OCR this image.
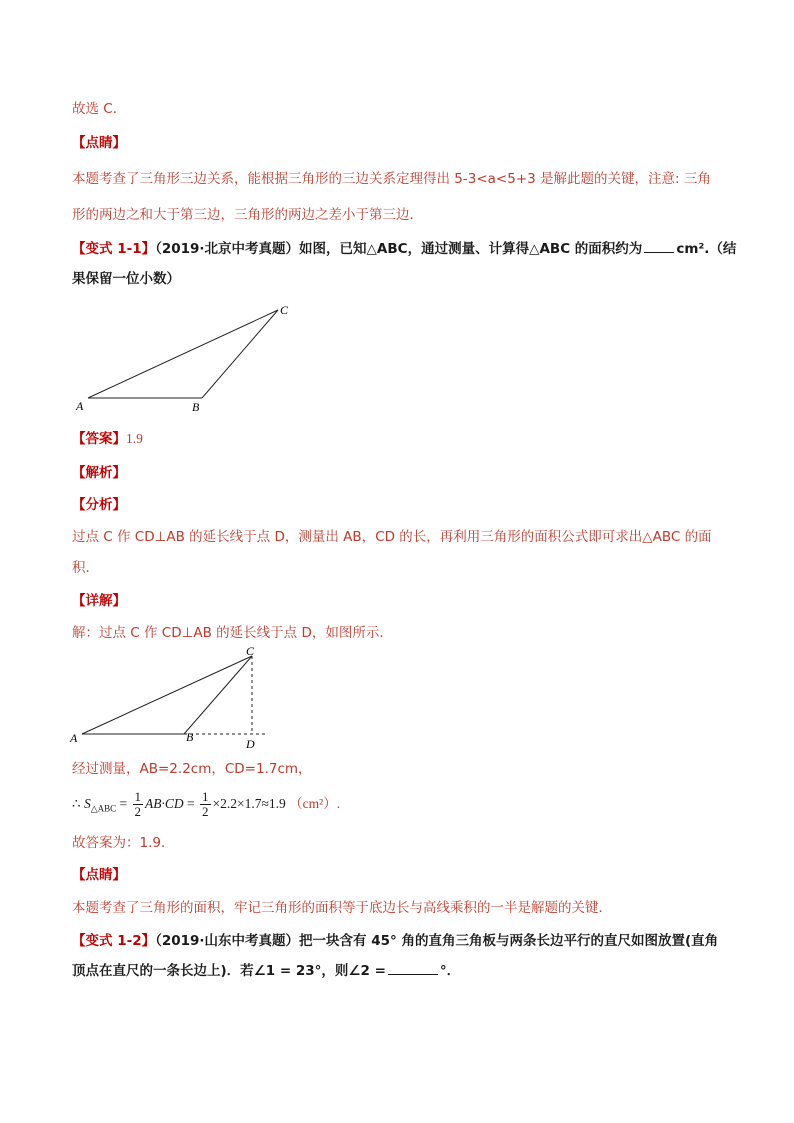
故选 C．
【点睛】
本题考查了三角形三边关系，能根据三角形的三边关系定理得出 5-3<a<5+3 是解此题的关键，注意: 三角
形的两边之和大于第三边，三角形的两边之差小于第三边．
【变式 1-1】（2019·北京中考真题）如图，已知△ABC，通过测量、计算得△ABC 的面积约为	cm².（结
果保留一位小数）
A	B
C
【答案】1.9
【解析】
【分析】
过点 C 作 CD⊥AB 的延长线于点 D，测量出 AB，CD 的长，再利用三角形的面积公式即可求出△ABC 的面
积．
【详解】
解：过点 C 作 CD⊥AB 的延长线于点 D，如图所示．
A	B
C
D
经过测量，AB=2.2cm，CD=1.7cm，
∴ $S_{\triangle ABC} = \frac{1}{2} AB\cdot CD = \frac{1}{2} \times 2.2\times 1.7\approx 1.9$ （cm²）.
故答案为：1.9．
【点睛】
本题考查了三角形的面积，牢记三角形的面积等于底边长与高线乘积的一半是解题的关键．
【变式 1-2】（2019·山东中考真题）把一块含有 45° 角的直角三角板与两条长边平行的直尺如图放置(直角
顶点在直尺的一条长边上)．若∠1 = 23°，则∠2 =	°．
